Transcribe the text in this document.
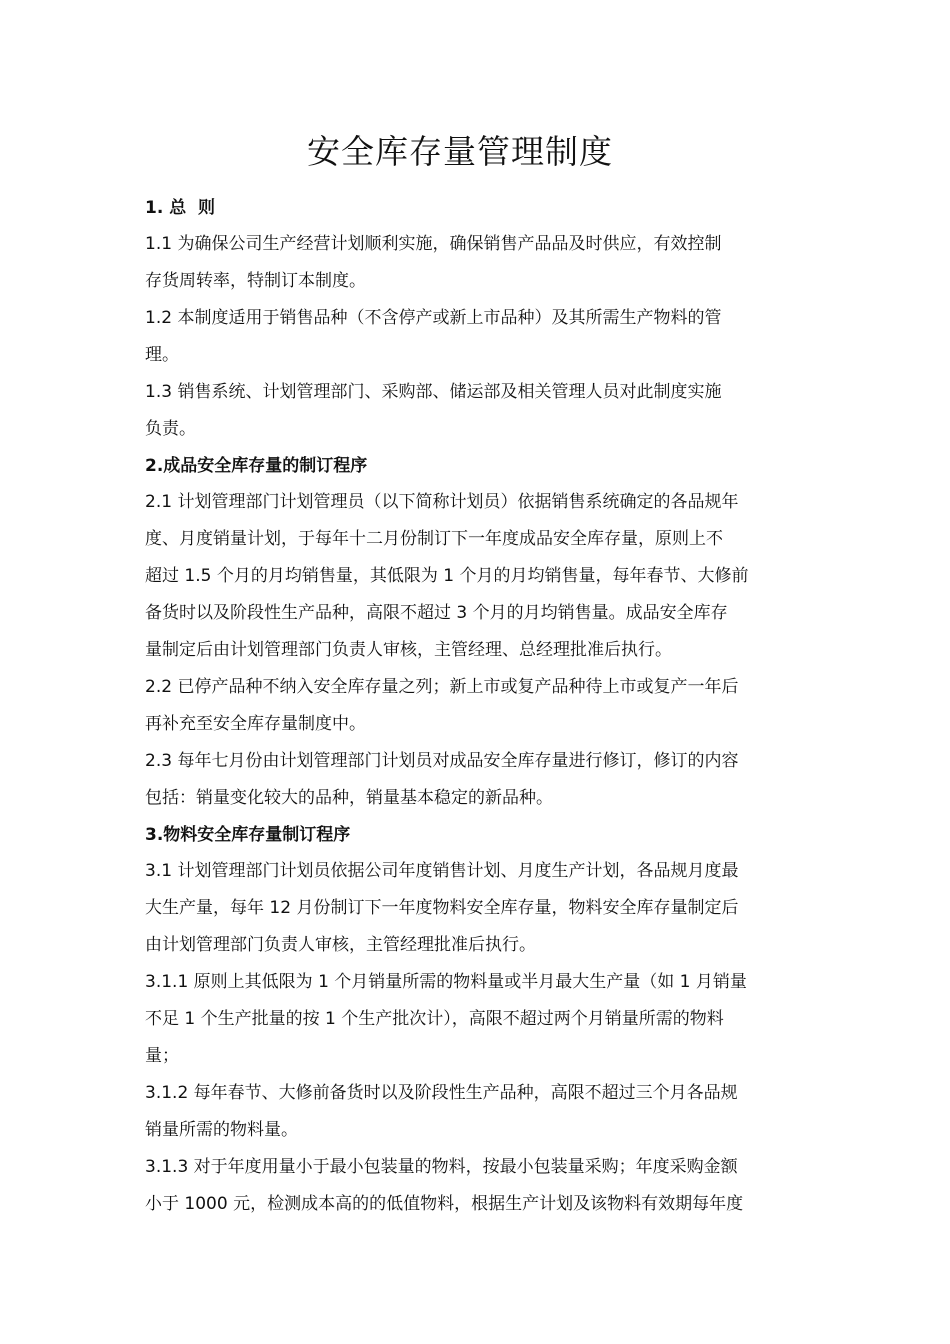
安全库存量管理制度

1. 总  则

1.1 为确保公司生产经营计划顺利实施，确保销售产品品及时供应，有效控制
存货周转率，特制订本制度。

1.2 本制度适用于销售品种（不含停产或新上市品种）及其所需生产物料的管
理。

1.3 销售系统、计划管理部门、采购部、储运部及相关管理人员对此制度实施
负责。

2.成品安全库存量的制订程序

2.1 计划管理部门计划管理员（以下简称计划员）依据销售系统确定的各品规年
度、月度销量计划，于每年十二月份制订下一年度成品安全库存量，原则上不
超过 1.5 个月的月均销售量，其低限为 1 个月的月均销售量，每年春节、大修前
备货时以及阶段性生产品种，高限不超过 3 个月的月均销售量。成品安全库存
量制定后由计划管理部门负责人审核，主管经理、总经理批准后执行。

2.2 已停产品种不纳入安全库存量之列；新上市或复产品种待上市或复产一年后
再补充至安全库存量制度中。

2.3 每年七月份由计划管理部门计划员对成品安全库存量进行修订，修订的内容
包括：销量变化较大的品种，销量基本稳定的新品种。

3.物料安全库存量制订程序

3.1 计划管理部门计划员依据公司年度销售计划、月度生产计划，各品规月度最
大生产量，每年 12 月份制订下一年度物料安全库存量，物料安全库存量制定后
由计划管理部门负责人审核，主管经理批准后执行。

3.1.1 原则上其低限为 1 个月销量所需的物料量或半月最大生产量（如 1 月销量
不足 1 个生产批量的按 1 个生产批次计），高限不超过两个月销量所需的物料
量；

3.1.2 每年春节、大修前备货时以及阶段性生产品种，高限不超过三个月各品规
销量所需的物料量。

3.1.3 对于年度用量小于最小包装量的物料，按最小包装量采购；年度采购金额
小于 1000 元，检测成本高的的低值物料，根据生产计划及该物料有效期每年度
